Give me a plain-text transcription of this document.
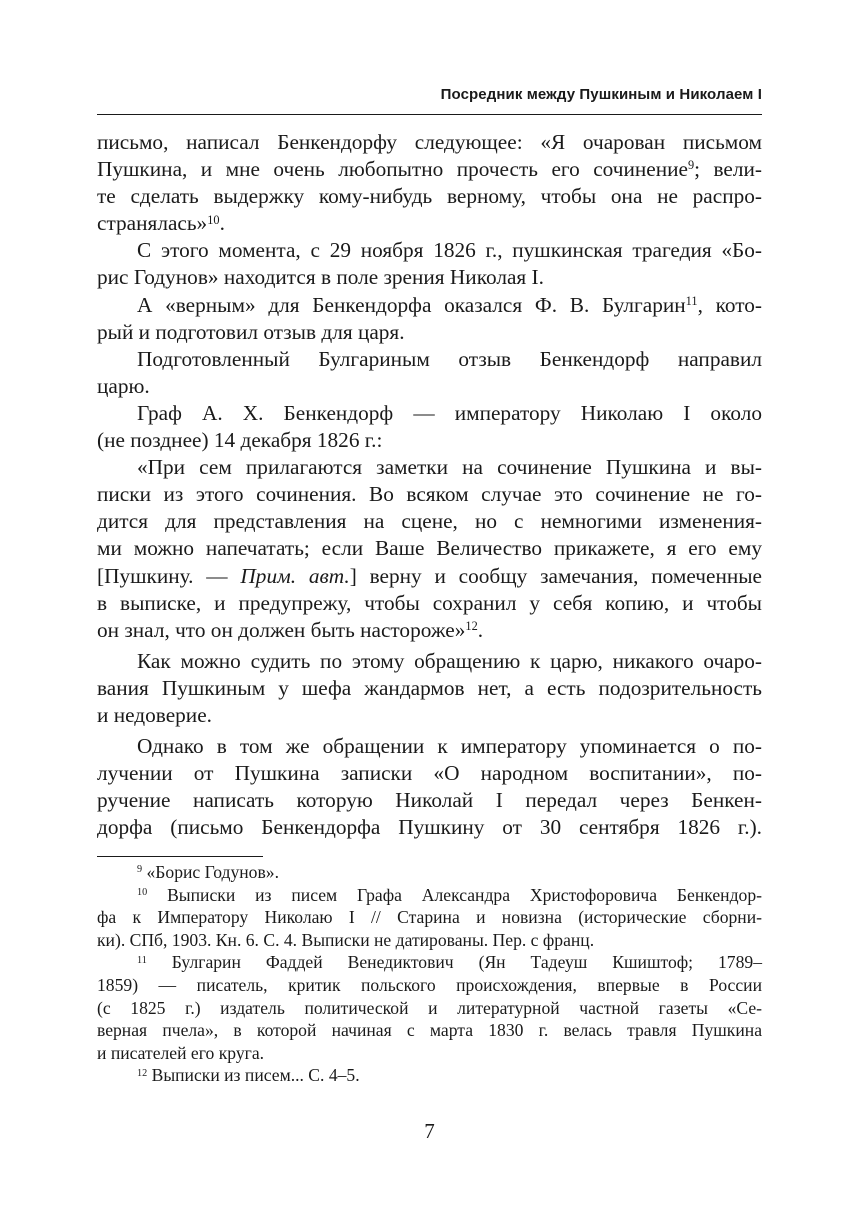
Посредник между Пушкиным и Николаем I
письмо, написал Бенкендорфу следующее: «Я очарован письмом
Пушкина, и мне очень любопытно прочесть его сочинение$^9$; вели-
те сделать выдержку кому-нибудь верному, чтобы она не распро-
странялась»$^{10}$.
С этого момента, с 29 ноября 1826 г., пушкинская трагедия «Бо-
рис Годунов» находится в поле зрения Николая I.
А «верным» для Бенкендорфа оказался Ф. В. Булгарин$^{11}$, кото-
рый и подготовил отзыв для царя.
Подготовленный Булгариным отзыв Бенкендорф направил
царю.
Граф А. Х. Бенкендорф — императору Николаю I около
(не позднее) 14 декабря 1826 г.:
«При сем прилагаются заметки на сочинение Пушкина и вы-
писки из этого сочинения. Во всяком случае это сочинение не го-
дится для представления на сцене, но с немногими изменения-
ми можно напечатать; если Ваше Величество прикажете, я его ему
[Пушкину. — Прим. авт.] верну и сообщу замечания, помеченные
в выписке, и предупрежу, чтобы сохранил у себя копию, и чтобы
он знал, что он должен быть настороже»$^{12}$.
Как можно судить по этому обращению к царю, никакого очаро-
вания Пушкиным у шефа жандармов нет, а есть подозрительность
и недоверие.
Однако в том же обращении к императору упоминается о по-
лучении от Пушкина записки «О народном воспитании», по-
ручение написать которую Николай I передал через Бенкен-
дорфа (письмо Бенкендорфа Пушкину от 30 сентября 1826 г.).
$^9$ «Борис Годунов».
$^{10}$ Выписки из писем Графа Александра Христофоровича Бенкендор-
фа к Императору Николаю I // Старина и новизна (исторические сборни-
ки). СПб, 1903. Кн. 6. С. 4. Выписки не датированы. Пер. с франц.
$^{11}$ Булгарин Фаддей Венедиктович (Ян Тадеуш Кшиштоф; 1789–
1859) — писатель, критик польского происхождения, впервые в России
(с 1825 г.) издатель политической и литературной частной газеты «Се-
верная пчела», в которой начиная с марта 1830 г. велась травля Пушкина
и писателей его круга.
$^{12}$ Выписки из писем... С. 4–5.
7
